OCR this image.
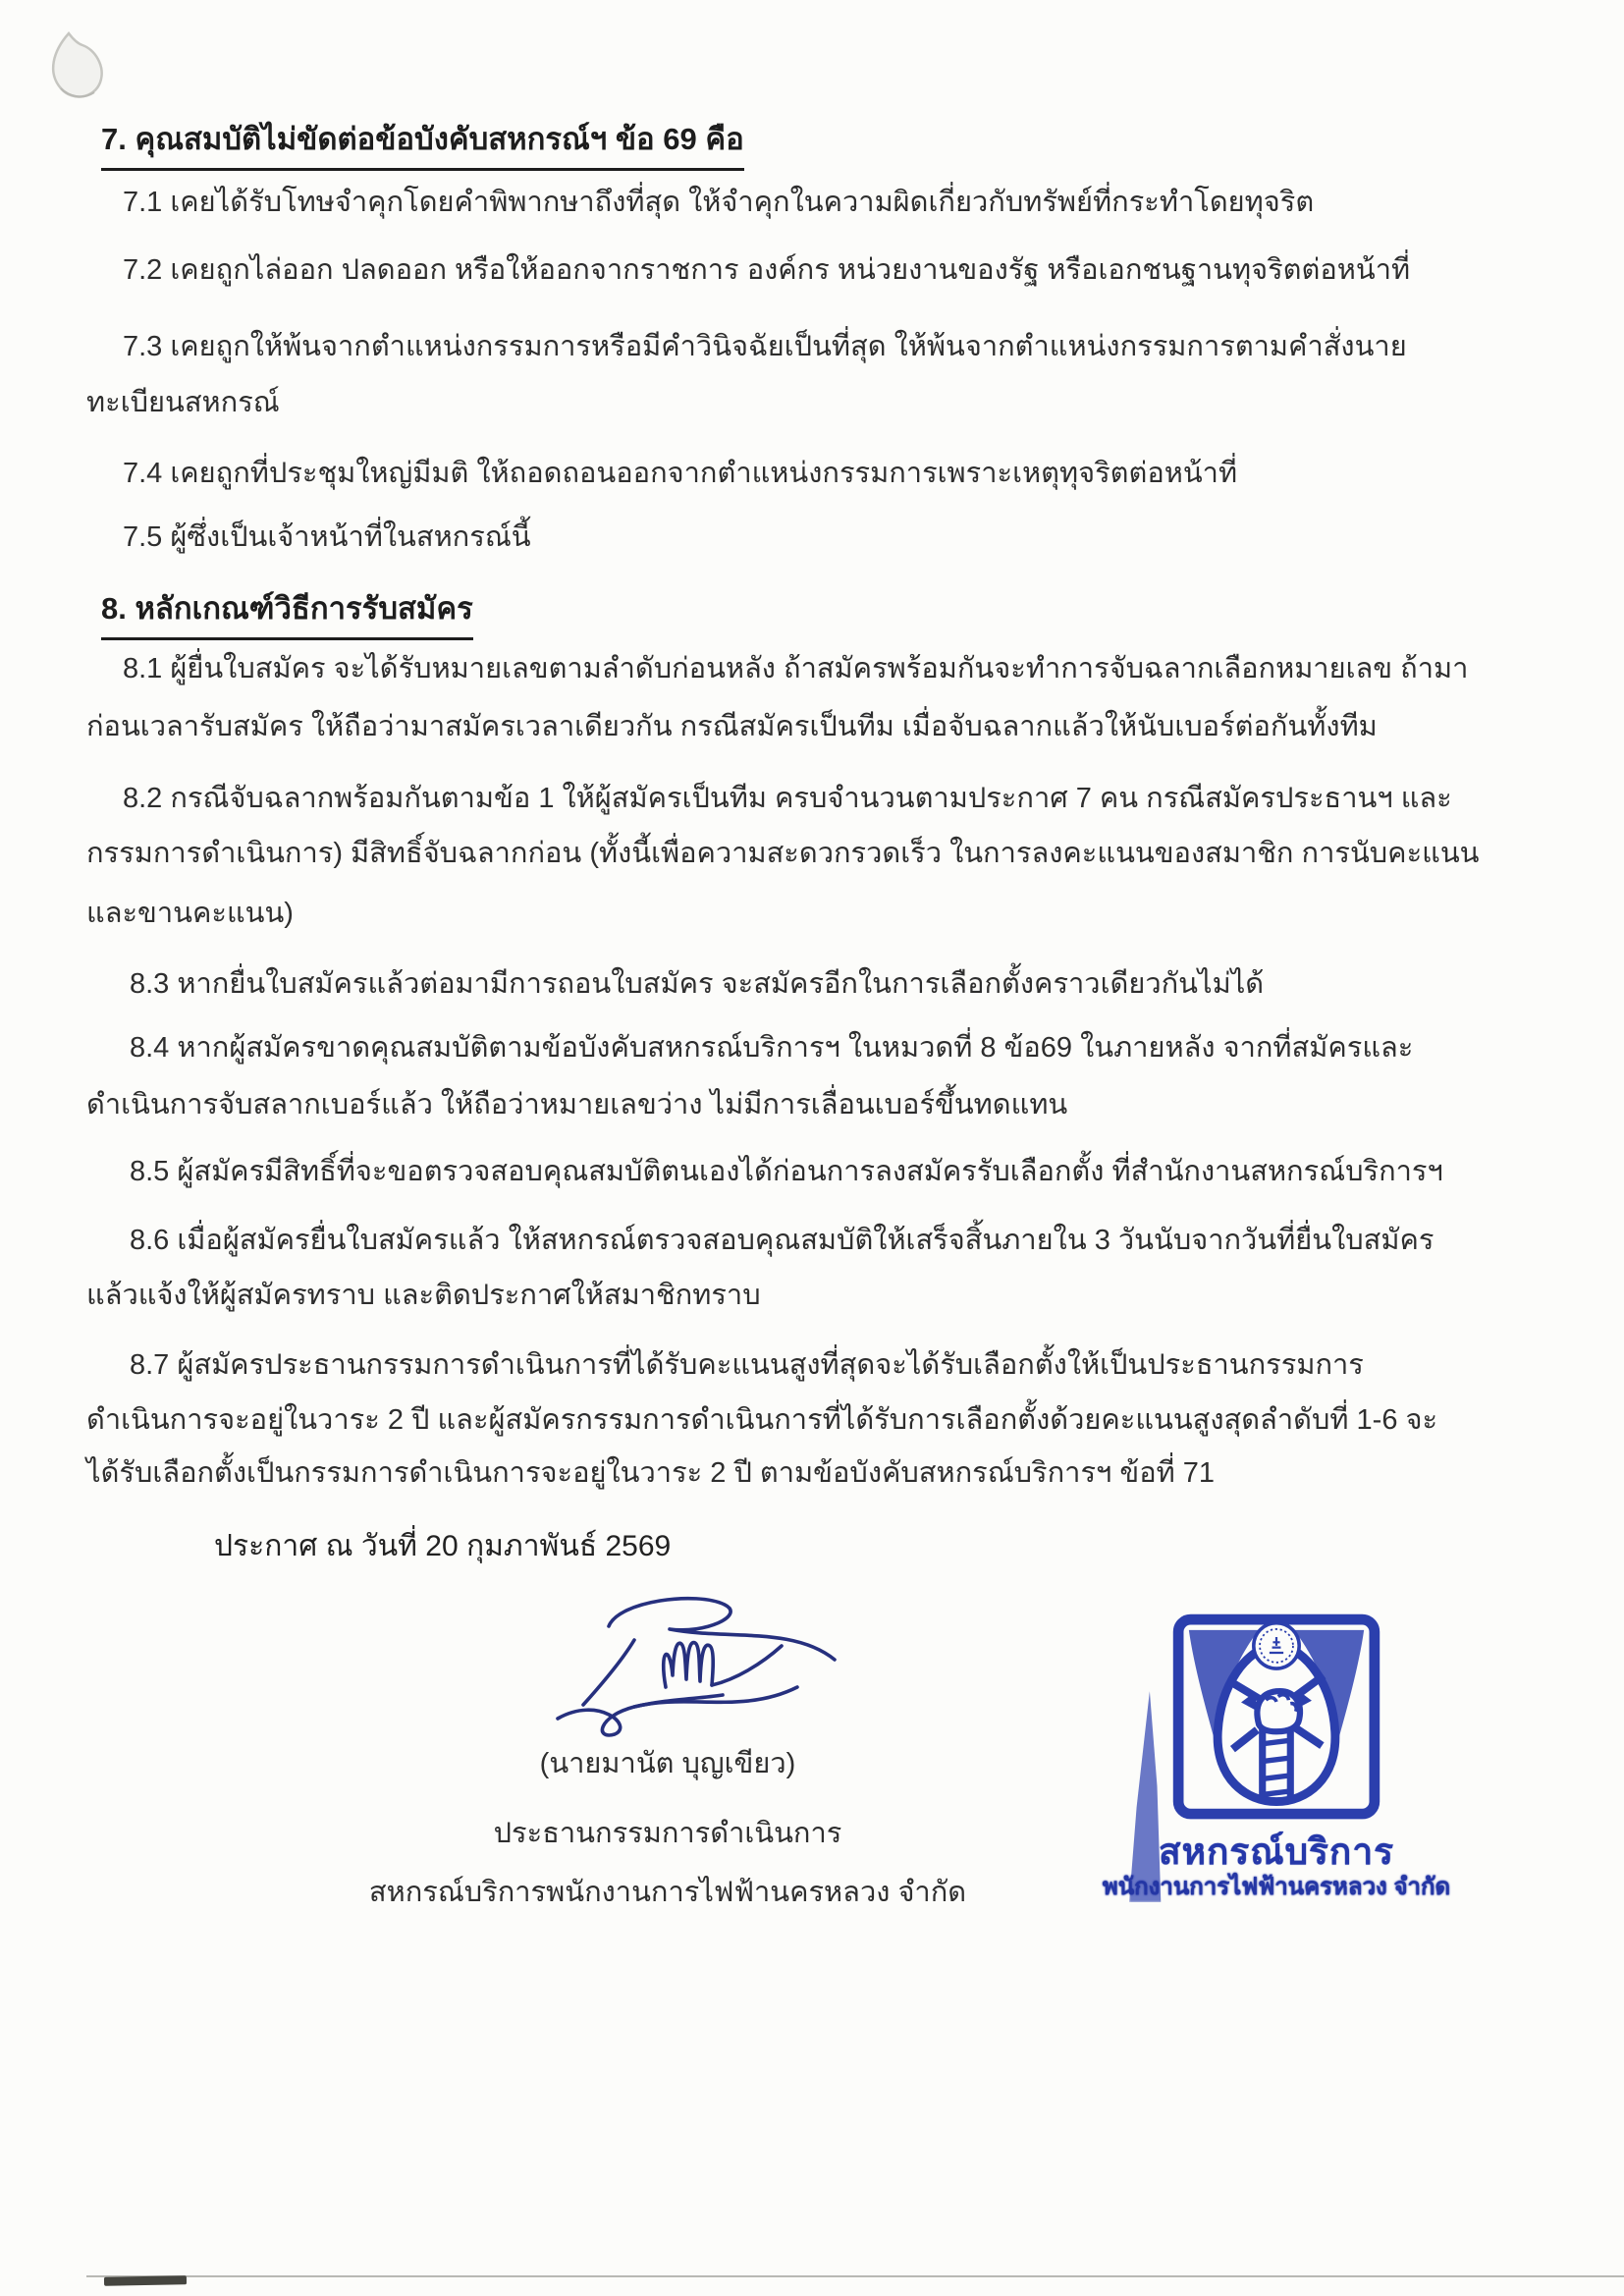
7. คุณสมบัติไม่ขัดต่อข้อบังคับสหกรณ์ฯ ข้อ 69 คือ
7.1 เคยได้รับโทษจำคุกโดยคำพิพากษาถึงที่สุด ให้จำคุกในความผิดเกี่ยวกับทรัพย์ที่กระทำโดยทุจริต
7.2 เคยถูกไล่ออก ปลดออก หรือให้ออกจากราชการ องค์กร หน่วยงานของรัฐ หรือเอกชนฐานทุจริตต่อหน้าที่
7.3 เคยถูกให้พ้นจากตำแหน่งกรรมการหรือมีคำวินิจฉัยเป็นที่สุด ให้พ้นจากตำแหน่งกรรมการตามคำสั่งนาย
ทะเบียนสหกรณ์
7.4 เคยถูกที่ประชุมใหญ่มีมติ ให้ถอดถอนออกจากตำแหน่งกรรมการเพราะเหตุทุจริตต่อหน้าที่
7.5 ผู้ซึ่งเป็นเจ้าหน้าที่ในสหกรณ์นี้
8. หลักเกณฑ์วิธีการรับสมัคร
8.1 ผู้ยื่นใบสมัคร จะได้รับหมายเลขตามลำดับก่อนหลัง ถ้าสมัครพร้อมกันจะทำการจับฉลากเลือกหมายเลข ถ้ามา
ก่อนเวลารับสมัคร ให้ถือว่ามาสมัครเวลาเดียวกัน กรณีสมัครเป็นทีม เมื่อจับฉลากแล้วให้นับเบอร์ต่อกันทั้งทีม
8.2 กรณีจับฉลากพร้อมกันตามข้อ 1 ให้ผู้สมัครเป็นทีม ครบจำนวนตามประกาศ 7 คน กรณีสมัครประธานฯ และ
กรรมการดำเนินการ) มีสิทธิ์จับฉลากก่อน (ทั้งนี้เพื่อความสะดวกรวดเร็ว ในการลงคะแนนของสมาชิก การนับคะแนน
และขานคะแนน)
8.3 หากยื่นใบสมัครแล้วต่อมามีการถอนใบสมัคร จะสมัครอีกในการเลือกตั้งคราวเดียวกันไม่ได้
8.4 หากผู้สมัครขาดคุณสมบัติตามข้อบังคับสหกรณ์บริการฯ ในหมวดที่ 8 ข้อ69 ในภายหลัง จากที่สมัครและ
ดำเนินการจับสลากเบอร์แล้ว ให้ถือว่าหมายเลขว่าง ไม่มีการเลื่อนเบอร์ขึ้นทดแทน
8.5 ผู้สมัครมีสิทธิ์ที่จะขอตรวจสอบคุณสมบัติตนเองได้ก่อนการลงสมัครรับเลือกตั้ง ที่สำนักงานสหกรณ์บริการฯ
8.6 เมื่อผู้สมัครยื่นใบสมัครแล้ว ให้สหกรณ์ตรวจสอบคุณสมบัติให้เสร็จสิ้นภายใน 3 วันนับจากวันที่ยื่นใบสมัคร
แล้วแจ้งให้ผู้สมัครทราบ และติดประกาศให้สมาชิกทราบ
8.7 ผู้สมัครประธานกรรมการดำเนินการที่ได้รับคะแนนสูงที่สุดจะได้รับเลือกตั้งให้เป็นประธานกรรมการ
ดำเนินการจะอยู่ในวาระ 2 ปี และผู้สมัครกรรมการดำเนินการที่ได้รับการเลือกตั้งด้วยคะแนนสูงสุดลำดับที่ 1-6 จะ
ได้รับเลือกตั้งเป็นกรรมการดำเนินการจะอยู่ในวาระ 2 ปี ตามข้อบังคับสหกรณ์บริการฯ ข้อที่ 71
ประกาศ ณ วันที่ 20 กุมภาพันธ์ 2569
(นายมานัต บุญเขียว)
ประธานกรรมการดำเนินการ
สหกรณ์บริการพนักงานการไฟฟ้านครหลวง จำกัด
สหกรณ์บริการ
พนักงานการไฟฟ้านครหลวง จำกัด
